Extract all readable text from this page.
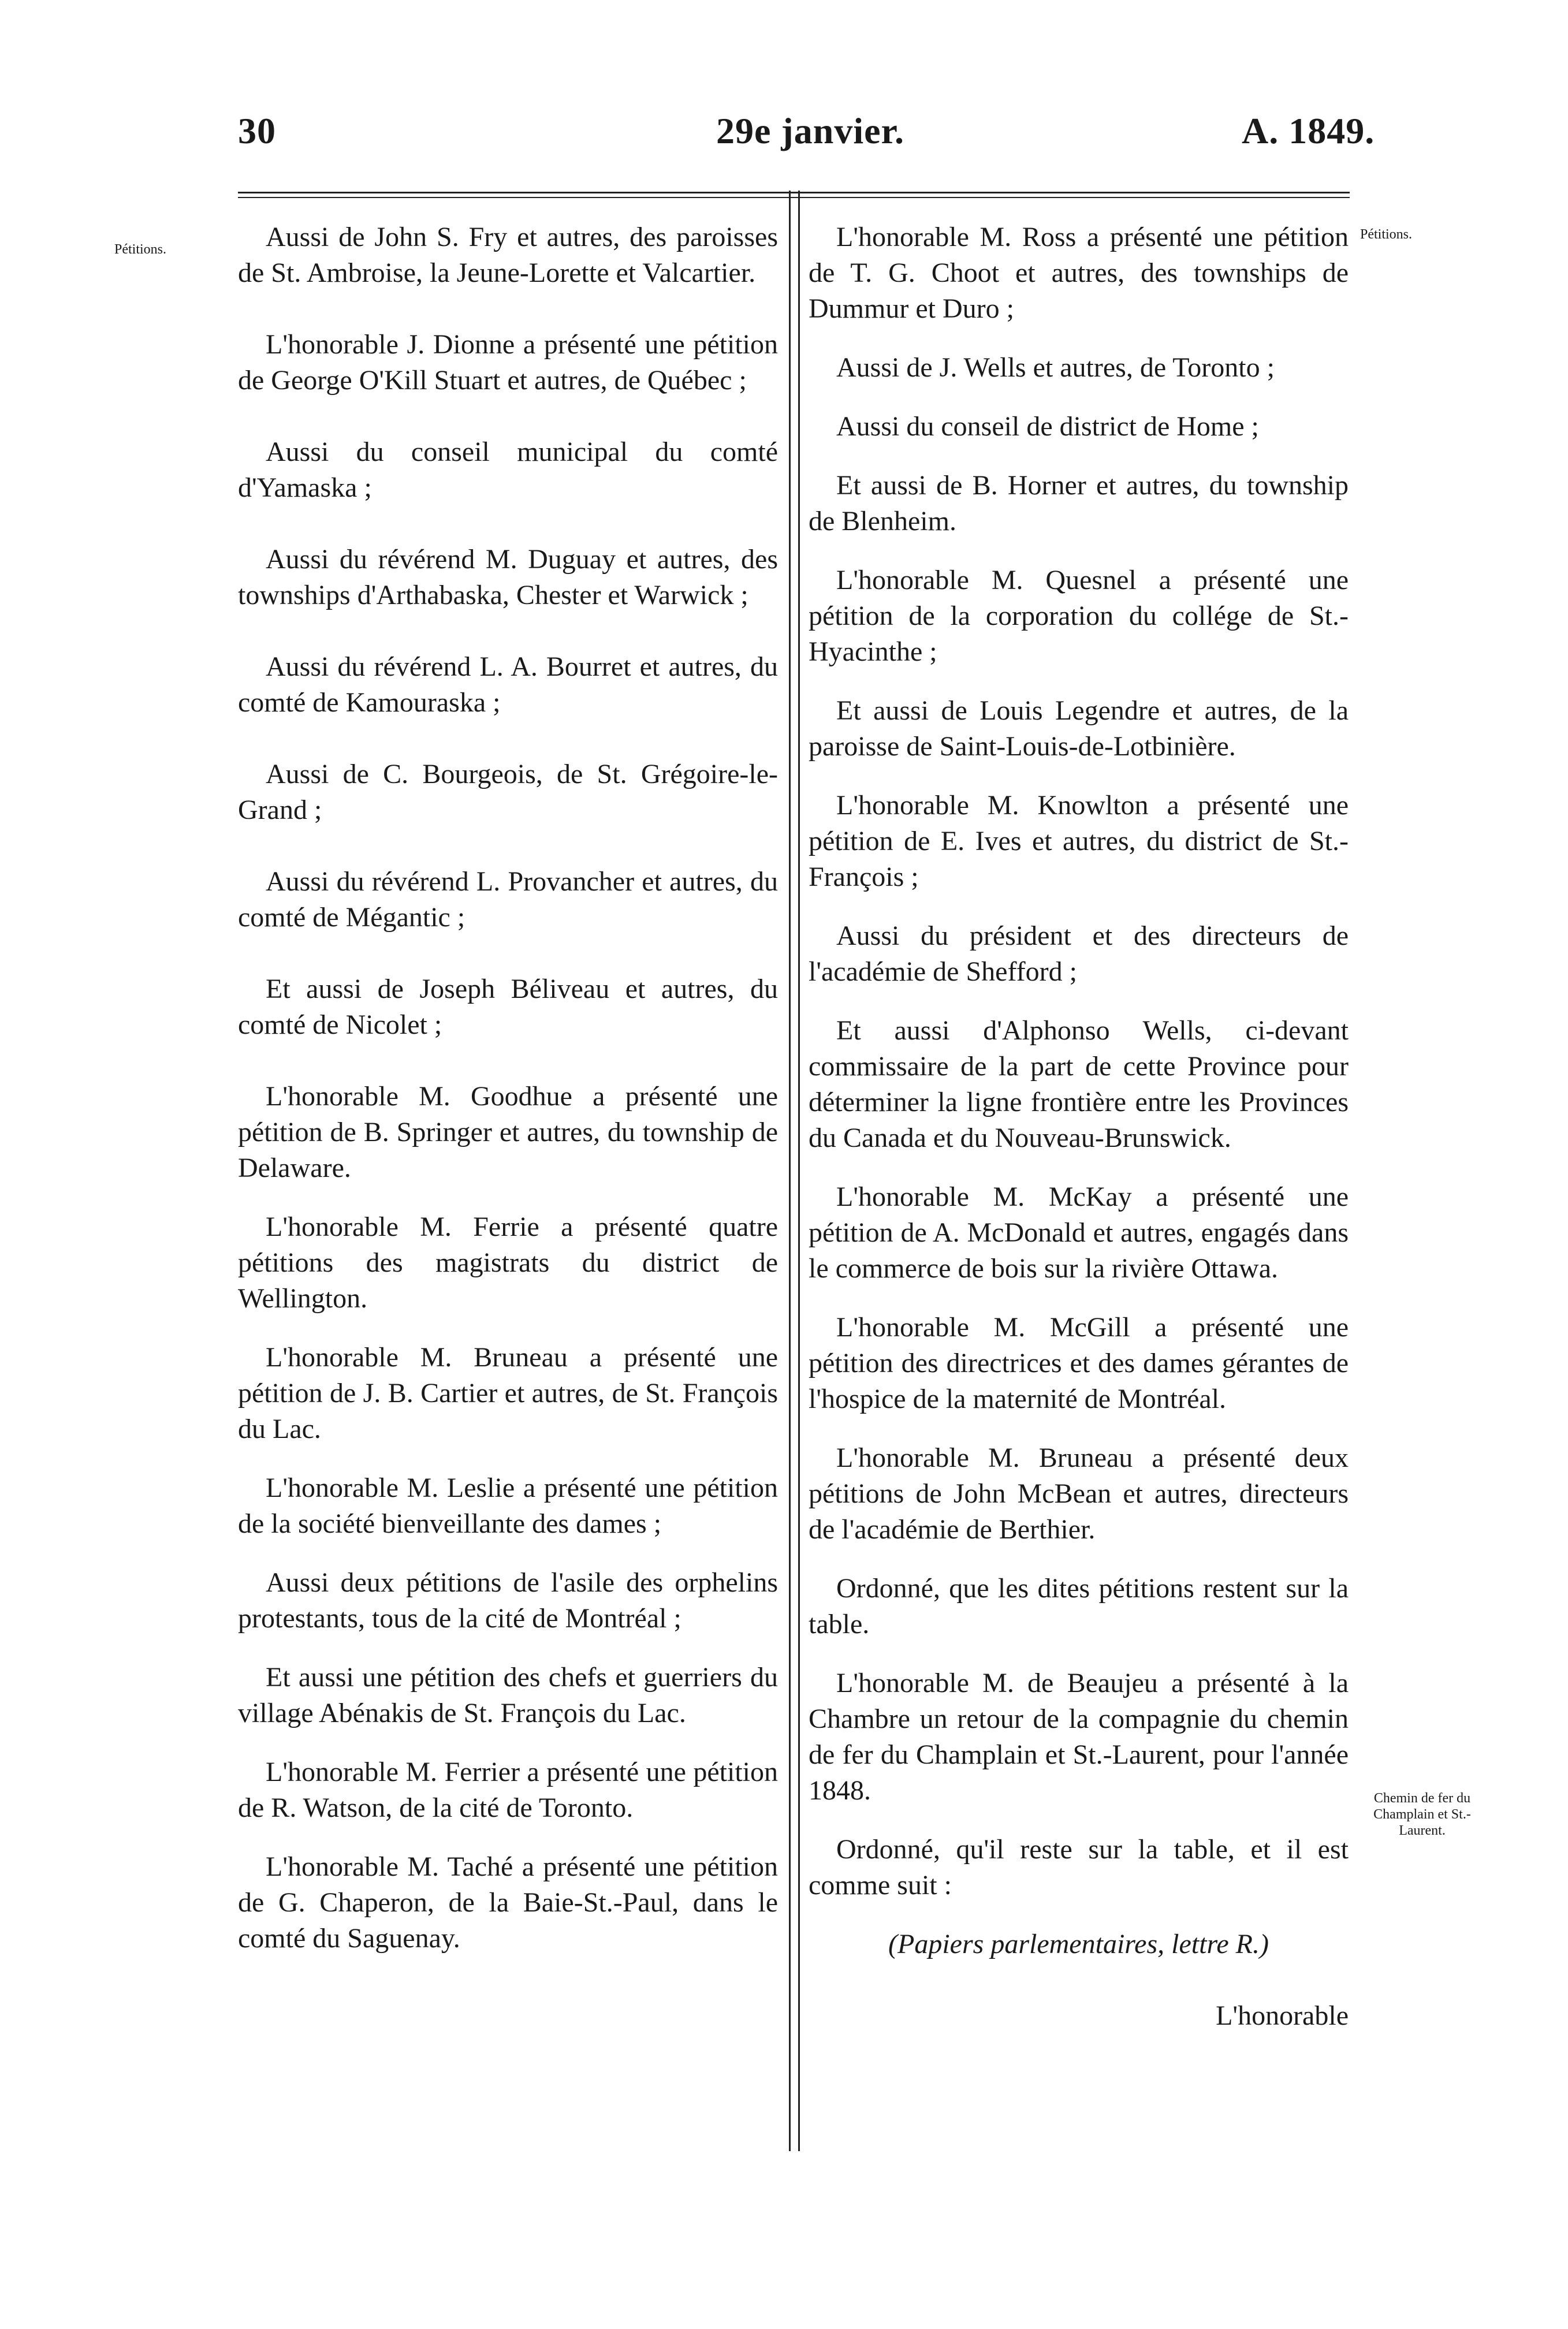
30	29e janvier.	A. 1849.
Pétitions.
Pétitions.
Chemin de fer du Champlain et St.-Laurent.

Aussi de John S. Fry et autres, des paroisses de St. Ambroise, la Jeune-Lorette et Valcartier.

L'honorable J. Dionne a présenté une pétition de George O'Kill Stuart et autres, de Québec ;

Aussi du conseil municipal du comté d'Yamaska ;

Aussi du révérend M. Duguay et autres, des townships d'Arthabaska, Chester et Warwick ;

Aussi du révérend L. A. Bourret et autres, du comté de Kamouraska ;

Aussi de C. Bourgeois, de St. Grégoire-le-Grand ;

Aussi du révérend L. Provancher et autres, du comté de Mégantic ;

Et aussi de Joseph Béliveau et autres, du comté de Nicolet ;

L'honorable M. Goodhue a présenté une pétition de B. Springer et autres, du township de Delaware.

L'honorable M. Ferrie a présenté quatre pétitions des magistrats du district de Wellington.

L'honorable M. Bruneau a présenté une pétition de J. B. Cartier et autres, de St. François du Lac.

L'honorable M. Leslie a présenté une pétition de la société bienveillante des dames ;

Aussi deux pétitions de l'asile des orphelins protestants, tous de la cité de Montréal ;

Et aussi une pétition des chefs et guerriers du village Abénakis de St. François du Lac.

L'honorable M. Ferrier a présenté une pétition de R. Watson, de la cité de Toronto.

L'honorable M. Taché a présenté une pétition de G. Chaperon, de la Baie-St.-Paul, dans le comté du Saguenay.

L'honorable M. Ross a présenté une pétition de T. G. Choot et autres, des townships de Dummur et Duro ;

Aussi de J. Wells et autres, de Toronto ;

Aussi du conseil de district de Home ;

Et aussi de B. Horner et autres, du township de Blenheim.

L'honorable M. Quesnel a présenté une pétition de la corporation du collége de St.-Hyacinthe ;

Et aussi de Louis Legendre et autres, de la paroisse de Saint-Louis-de-Lotbinière.

L'honorable M. Knowlton a présenté une pétition de E. Ives et autres, du district de St.-François ;

Aussi du président et des directeurs de l'académie de Shefford ;

Et aussi d'Alphonso Wells, ci-devant commissaire de la part de cette Province pour déterminer la ligne frontière entre les Provinces du Canada et du Nouveau-Brunswick.

L'honorable M. McKay a présenté une pétition de A. McDonald et autres, engagés dans le commerce de bois sur la rivière Ottawa.

L'honorable M. McGill a présenté une pétition des directrices et des dames gérantes de l'hospice de la maternité de Montréal.

L'honorable M. Bruneau a présenté deux pétitions de John McBean et autres, directeurs de l'académie de Berthier.

Ordonné, que les dites pétitions restent sur la table.

L'honorable M. de Beaujeu a présenté à la Chambre un retour de la compagnie du chemin de fer du Champlain et St.-Laurent, pour l'année 1848.

Ordonné, qu'il reste sur la table, et il est comme suit :

(Papiers parlementaires, lettre R.)

L'honorable
